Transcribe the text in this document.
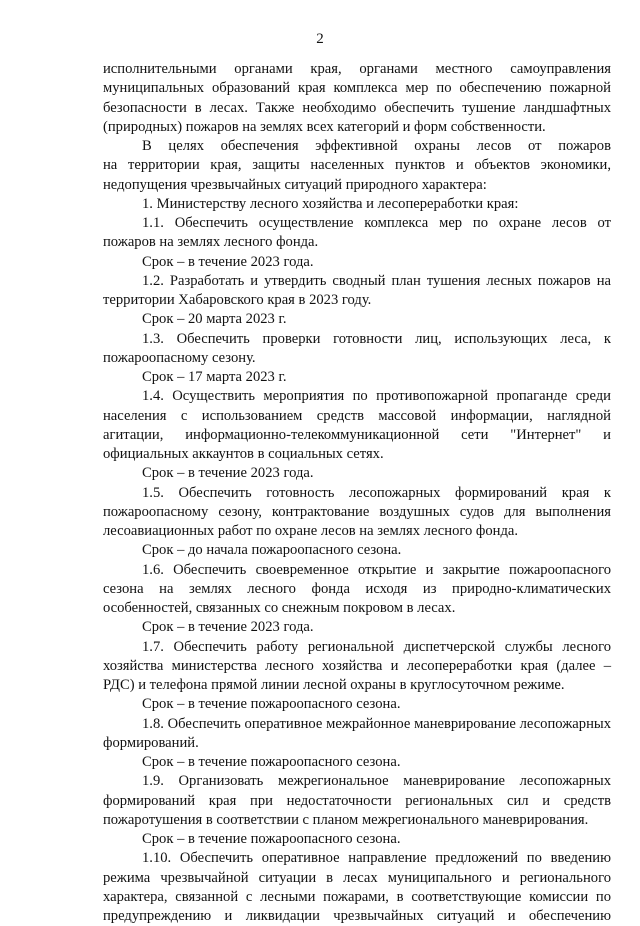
2
исполнительными органами края, органами местного самоуправления
муниципальных образований края комплекса мер по обеспечению пожарной
безопасности в лесах. Также необходимо обеспечить тушение ландшафтных
(природных) пожаров на землях всех категорий и форм собственности.
В целях обеспечения эффективной охраны лесов от пожаров
на территории края, защиты населенных пунктов и объектов экономики,
недопущения чрезвычайных ситуаций природного характера:
1. Министерству лесного хозяйства и лесопереработки края:
1.1. Обеспечить осуществление комплекса мер по охране лесов от
пожаров на землях лесного фонда.
Срок – в течение 2023 года.
1.2. Разработать и утвердить сводный план тушения лесных пожаров на
территории Хабаровского края в 2023 году.
Срок – 20 марта 2023 г.
1.3. Обеспечить проверки готовности лиц, использующих леса, к
пожароопасному сезону.
Срок – 17 марта 2023 г.
1.4. Осуществить мероприятия по противопожарной пропаганде среди
населения с использованием средств массовой информации, наглядной
агитации, информационно-телекоммуникационной сети "Интернет" и
официальных аккаунтов в социальных сетях.
Срок – в течение 2023 года.
1.5. Обеспечить готовность лесопожарных формирований края к
пожароопасному сезону, контрактование воздушных судов для выполнения
лесоавиационных работ по охране лесов на землях лесного фонда.
Срок – до начала пожароопасного сезона.
1.6. Обеспечить своевременное открытие и закрытие пожароопасного
сезона на землях лесного фонда исходя из природно-климатических
особенностей, связанных со снежным покровом в лесах.
Срок – в течение 2023 года.
1.7. Обеспечить работу региональной диспетчерской службы лесного
хозяйства министерства лесного хозяйства и лесопереработки края (далее –
РДС) и телефона прямой линии лесной охраны в круглосуточном режиме.
Срок – в течение пожароопасного сезона.
1.8. Обеспечить оперативное межрайонное маневрирование лесопожарных
формирований.
Срок – в течение пожароопасного сезона.
1.9. Организовать межрегиональное маневрирование лесопожарных
формирований края при недостаточности региональных сил и средств
пожаротушения в соответствии с планом межрегионального маневрирования.
Срок – в течение пожароопасного сезона.
1.10. Обеспечить оперативное направление предложений по введению
режима чрезвычайной ситуации в лесах муниципального и регионального
характера, связанной с лесными пожарами, в соответствующие комиссии по
предупреждению и ликвидации чрезвычайных ситуаций и обеспечению
